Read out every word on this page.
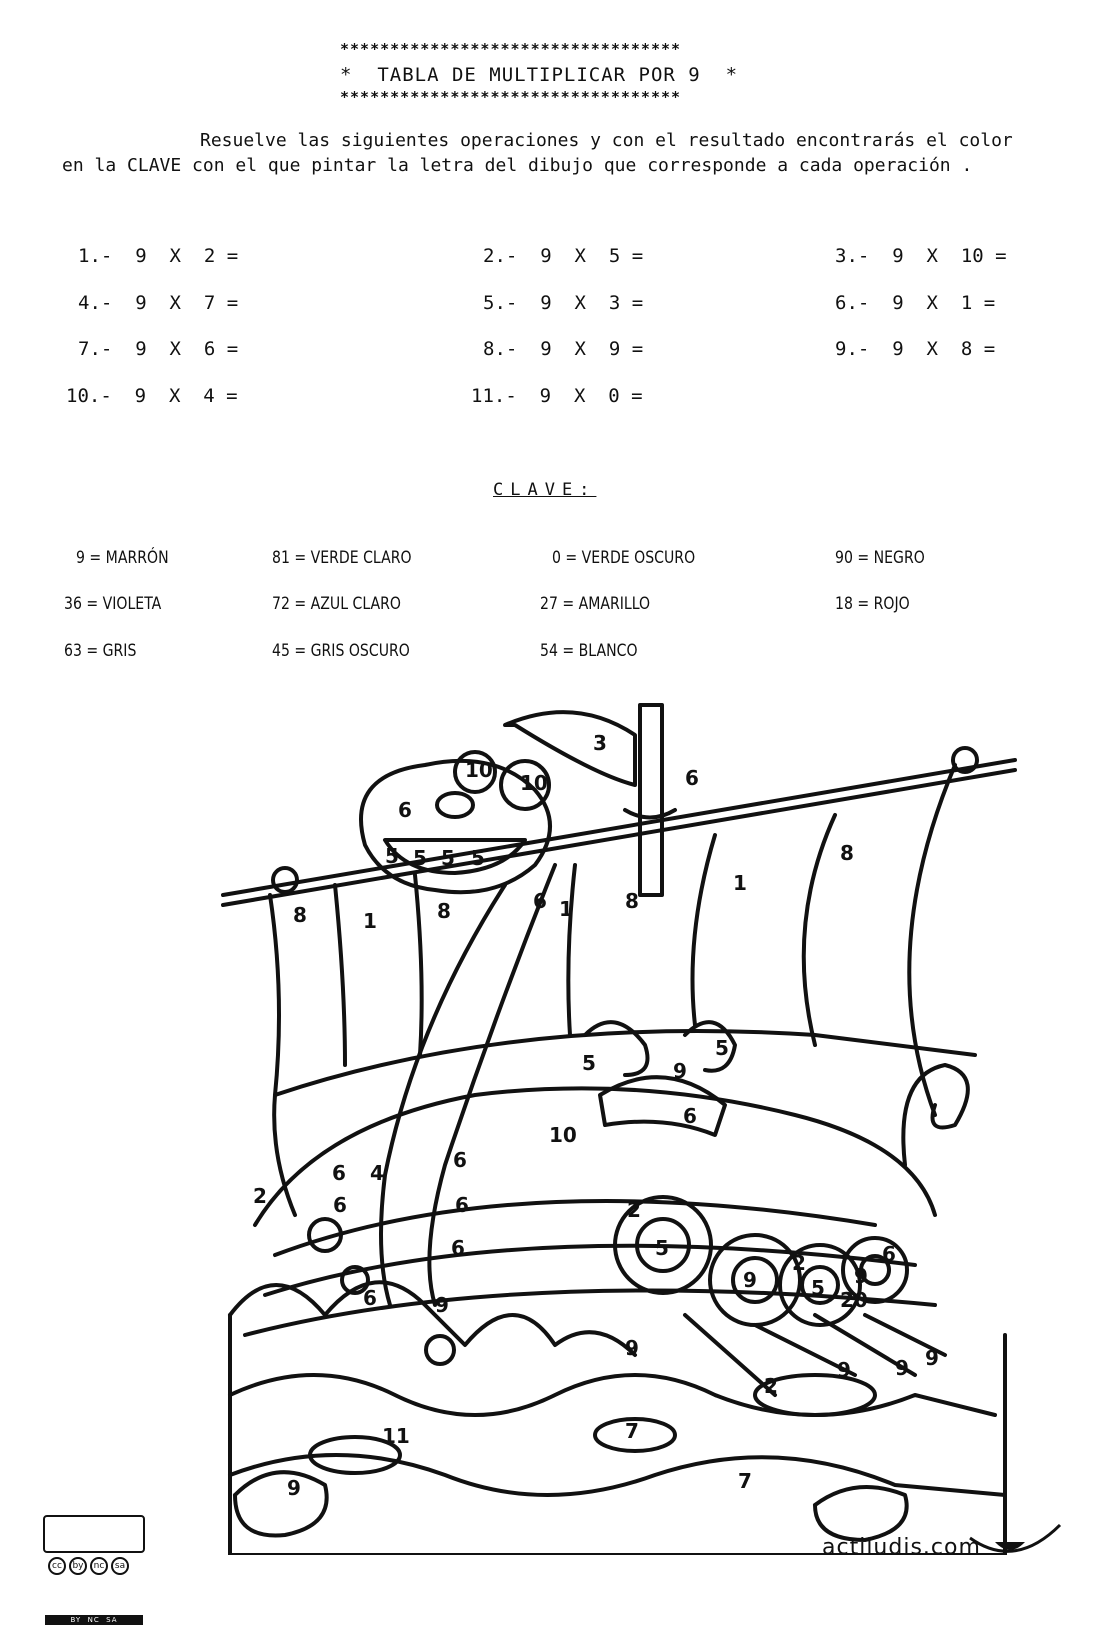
**********************************
*  TABLA DE MULTIPLICAR POR 9  *
**********************************
Resuelve las siguientes operaciones y con el resultado encontrarás el color
en la CLAVE con el que pintar la letra del dibujo que corresponde a cada operación .
1.-  9  X  2 =	2.-  9  X  5 =	3.-  9  X  10 =
4.-  9  X  7 =	5.-  9  X  3 =	6.-  9  X  1 =
7.-  9  X  6 =	8.-  9  X  9 =	9.-  9  X  8 =
10.-  9  X  4 =	11.-  9  X  0 =
CLAVE:
9 = MARRÓN	81 = VERDE CLARO	0 = VERDE OSCURO	90 = NEGRO
36 = VIOLETA	72 = AZUL CLARO	27 = AMARILLO	18 = ROJO
63 = GRIS	45 = GRIS OSCURO	54 = BLANCO
3
6
10
10
6
5 5 5 5
8	1	8	6 1	8
1
8
5	9
5
6
10
6
2
6 4
6	6	2
5
6
6	9
9
2
5 9
6
20
2
9 9 9
9
11	7
9	7

cc	by	nc	sa

BY  NC  SA

actiludis.com
